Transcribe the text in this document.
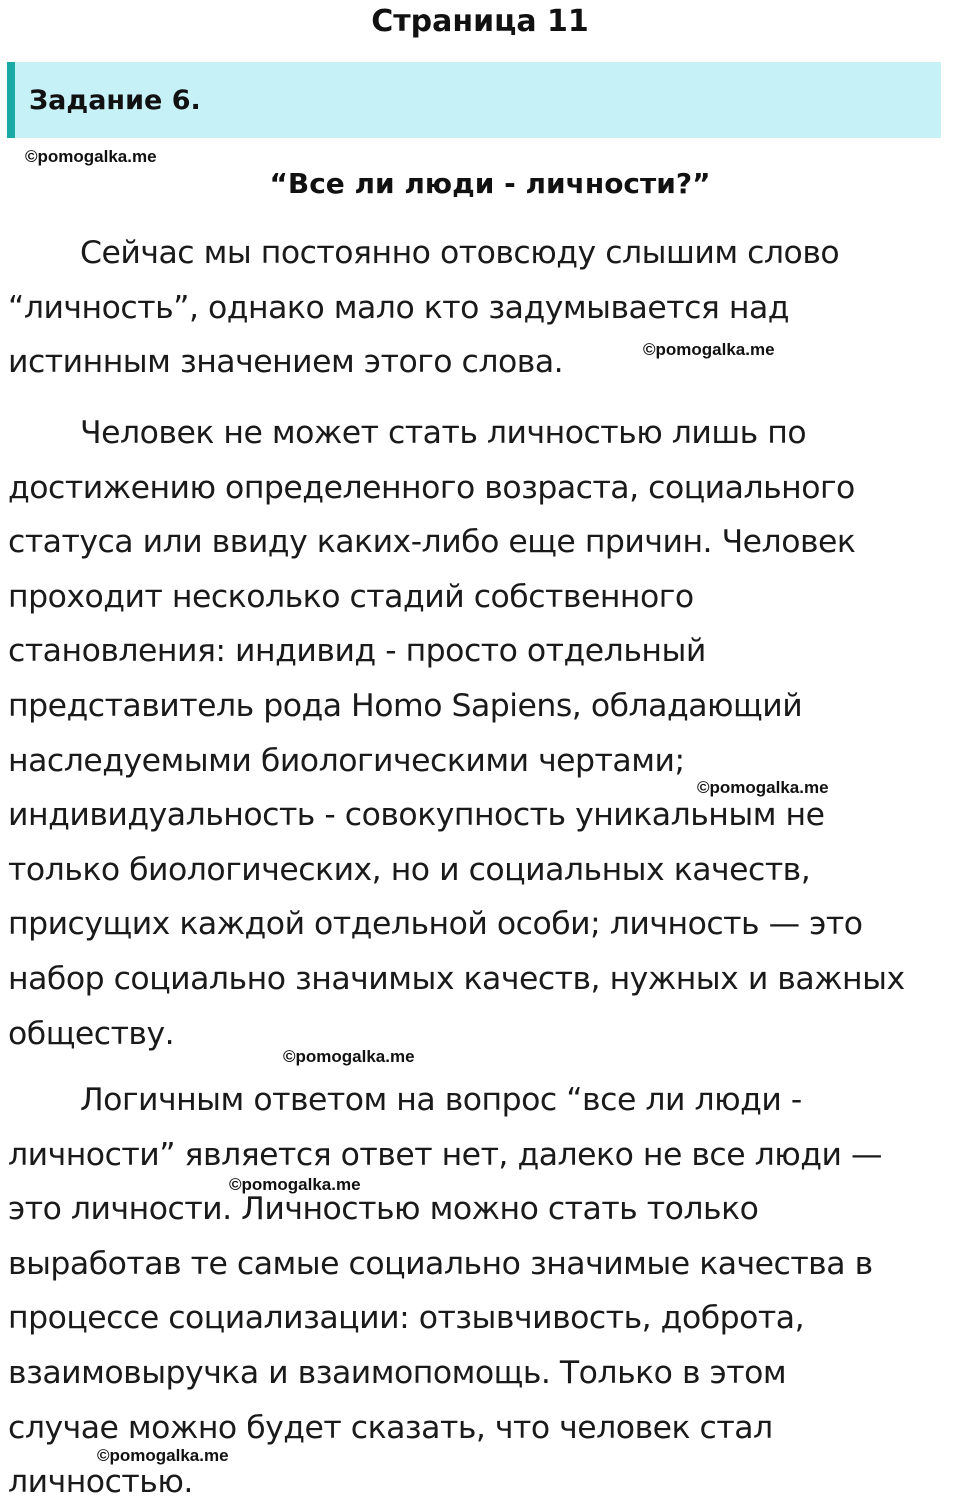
Страница 11
Задание 6.
©pomogalka.me
“Все ли люди - личности?”

Сейчас мы постоянно отовсюду слышим слово
“личность”, однако мало кто задумывается над
истинным значением этого слова.	©pomogalka.me

Человек не может стать личностью лишь по
достижению определенного возраста, социального
статуса или ввиду каких-либо еще причин. Человек
проходит несколько стадий собственного
становления: индивид - просто отдельный
представитель рода Homo Sapiens, обладающий
наследуемыми биологическими чертами;
индивидуальность - совокупность уникальным не
только биологических, но и социальных качеств,
присущих каждой отдельной особи; личность — это
набор социально значимых качеств, нужных и важных
обществу.

©pomogalka.me
©pomogalka.me

Логичным ответом на вопрос “все ли люди -
личности” является ответ нет, далеко не все люди —
это личности. Личностью можно стать только
выработав те самые социально значимые качества в
процессе социализации: отзывчивость, доброта,
взаимовыручка и взаимопомощь. Только в этом
случае можно будет сказать, что человек стал
личностью.

©pomogalka.me
©pomogalka.me
